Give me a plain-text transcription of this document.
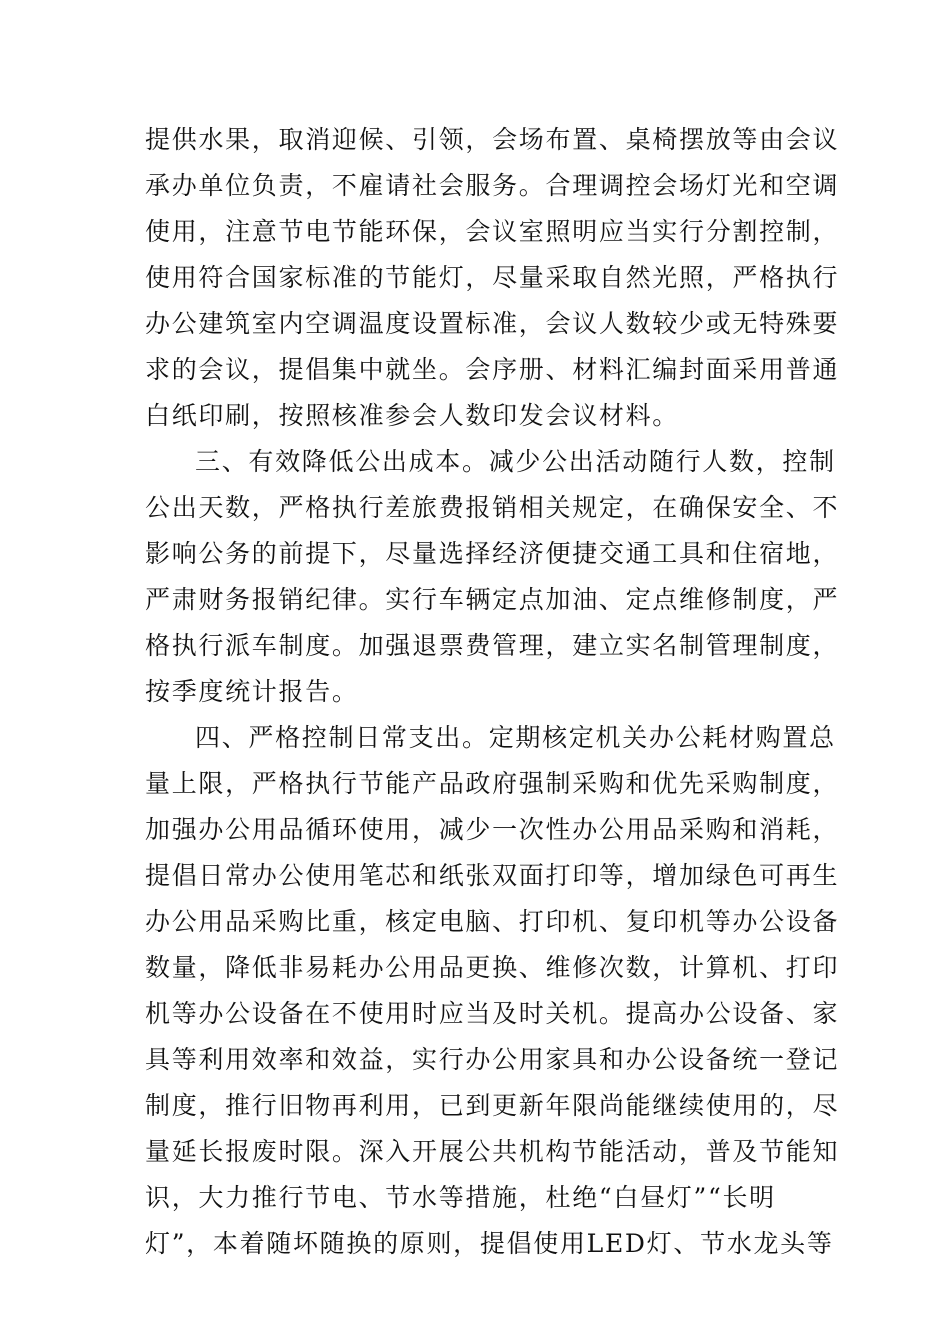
提供水果，取消迎候、引领，会场布置、桌椅摆放等由会议
承办单位负责，不雇请社会服务。合理调控会场灯光和空调
使用，注意节电节能环保，会议室照明应当实行分割控制，
使用符合国家标准的节能灯，尽量采取自然光照，严格执行
办公建筑室内空调温度设置标准，会议人数较少或无特殊要
求的会议，提倡集中就坐。会序册、材料汇编封面采用普通
白纸印刷，按照核准参会人数印发会议材料。
三、有效降低公出成本。减少公出活动随行人数，控制
公出天数，严格执行差旅费报销相关规定，在确保安全、不
影响公务的前提下，尽量选择经济便捷交通工具和住宿地，
严肃财务报销纪律。实行车辆定点加油、定点维修制度，严
格执行派车制度。加强退票费管理，建立实名制管理制度，
按季度统计报告。
四、严格控制日常支出。定期核定机关办公耗材购置总
量上限，严格执行节能产品政府强制采购和优先采购制度，
加强办公用品循环使用，减少一次性办公用品采购和消耗，
提倡日常办公使用笔芯和纸张双面打印等，增加绿色可再生
办公用品采购比重，核定电脑、打印机、复印机等办公设备
数量，降低非易耗办公用品更换、维修次数，计算机、打印
机等办公设备在不使用时应当及时关机。提高办公设备、家
具等利用效率和效益，实行办公用家具和办公设备统一登记
制度，推行旧物再利用，已到更新年限尚能继续使用的，尽
量延长报废时限。深入开展公共机构节能活动，普及节能知
识，大力推行节电、节水等措施，杜绝“白昼灯”“长明
灯”，本着随坏随换的原则，提倡使用LED灯、节水龙头等
